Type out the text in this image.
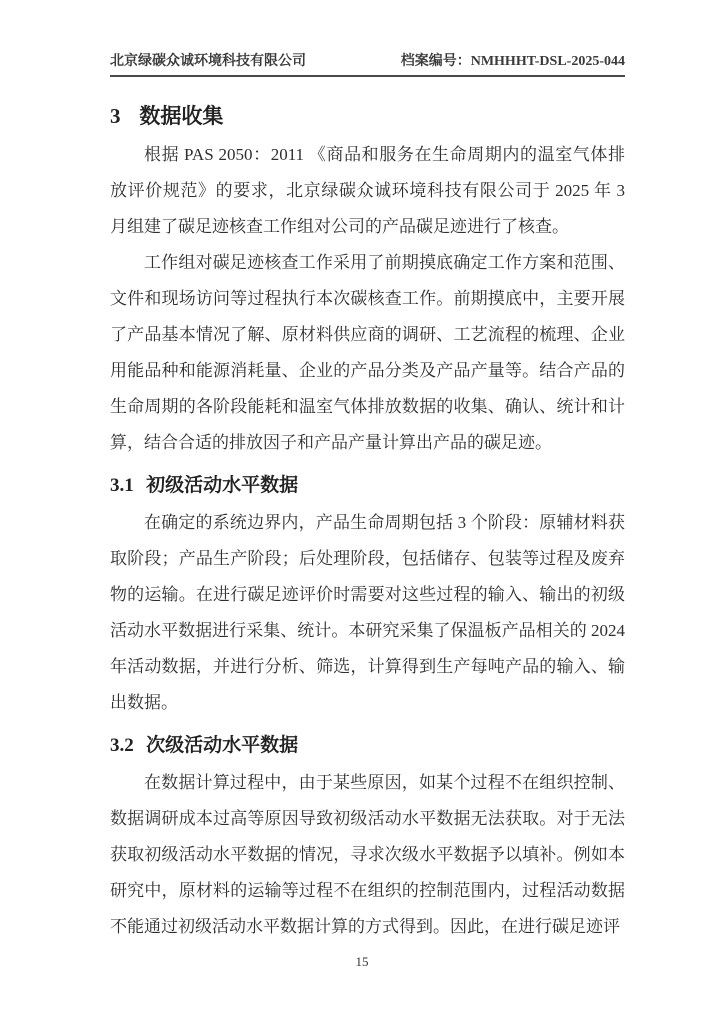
北京绿碳众诚环境科技有限公司	档案编号：NMHHHT-DSL-2025-044
3 数据收集

根据 PAS 2050：2011 《商品和服务在生命周期内的温室气体排放评价规范》的要求，北京绿碳众诚环境科技有限公司于 2025 年 3 月组建了碳足迹核查工作组对公司的产品碳足迹进行了核查。

工作组对碳足迹核查工作采用了前期摸底确定工作方案和范围、文件和现场访问等过程执行本次碳核查工作。前期摸底中，主要开展了产品基本情况了解、原材料供应商的调研、工艺流程的梳理、企业用能品种和能源消耗量、企业的产品分类及产品产量等。结合产品的生命周期的各阶段能耗和温室气体排放数据的收集、确认、统计和计算，结合合适的排放因子和产品产量计算出产品的碳足迹。

3.1 初级活动水平数据

在确定的系统边界内，产品生命周期包括 3 个阶段：原辅材料获取阶段；产品生产阶段；后处理阶段，包括储存、包装等过程及废弃物的运输。在进行碳足迹评价时需要对这些过程的输入、输出的初级活动水平数据进行采集、统计。本研究采集了保温板产品相关的 2024 年活动数据，并进行分析、筛选，计算得到生产每吨产品的输入、输出数据。

3.2 次级活动水平数据

在数据计算过程中，由于某些原因，如某个过程不在组织控制、数据调研成本过高等原因导致初级活动水平数据无法获取。对于无法获取初级活动水平数据的情况，寻求次级水平数据予以填补。例如本研究中，原材料的运输等过程不在组织的控制范围内，过程活动数据不能通过初级活动水平数据计算的方式得到。因此，在进行碳足迹评

15
